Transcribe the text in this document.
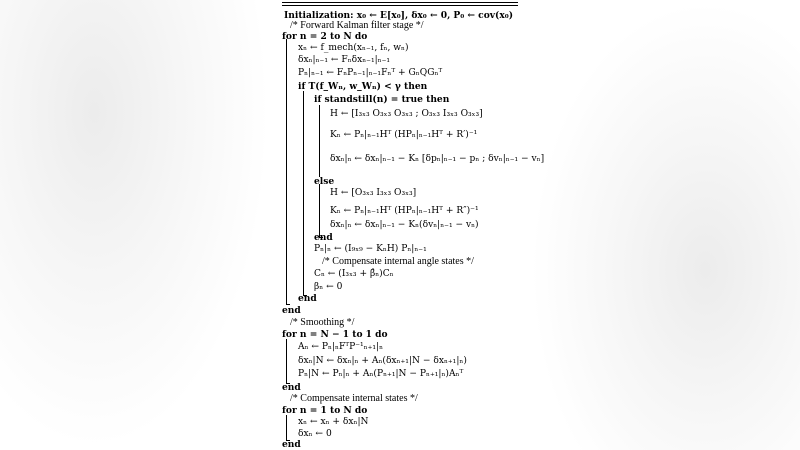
Initialization: x₀ ← E[x₀], δx₀ ← 0, P₀ ← cov(x₀)
/* Forward Kalman filter stage */
for n = 2 to N do
xₙ ← f_mech(xₙ₋₁, fₙ, wₙ)
δxₙ|ₙ₋₁ ← Fₙδxₙ₋₁|ₙ₋₁
Pₙ|ₙ₋₁ ← FₙPₙ₋₁|ₙ₋₁Fₙᵀ + GₙQGₙᵀ
if T(f_Wₙ, w_Wₙ) < γ then
if standstill(n) = true then
H ← [I₃ₓ₃ O₃ₓ₃ O₃ₓ₃ ; O₃ₓ₃ I₃ₓ₃ O₃ₓ₃]
Kₙ ← Pₙ|ₙ₋₁Hᵀ (HPₙ|ₙ₋₁Hᵀ + R′)⁻¹
δxₙ|ₙ ← δxₙ|ₙ₋₁ − Kₙ [δpₙ|ₙ₋₁ − pₙ ; δvₙ|ₙ₋₁ − vₙ]
else
H ← [O₃ₓ₃ I₃ₓ₃ O₃ₓ₃]
Kₙ ← Pₙ|ₙ₋₁Hᵀ (HPₙ|ₙ₋₁Hᵀ + R″)⁻¹
δxₙ|ₙ ← δxₙ|ₙ₋₁ − Kₙ(δvₙ|ₙ₋₁ − vₙ)
end
Pₙ|ₙ ← (I₉ₓ₉ − KₙH) Pₙ|ₙ₋₁
/* Compensate internal angle states */
Cₙ ← (I₃ₓ₃ + β̂ₙ)Cₙ
βₙ ← 0
end
end
/* Smoothing */
for n = N − 1 to 1 do
Aₙ ← Pₙ|ₙFᵀP⁻¹ₙ₊₁|ₙ
δxₙ|N ← δxₙ|ₙ + Aₙ(δxₙ₊₁|N − δxₙ₊₁|ₙ)
Pₙ|N ← Pₙ|ₙ + Aₙ(Pₙ₊₁|N − Pₙ₊₁|ₙ)Aₙᵀ
end
/* Compensate internal states */
for n = 1 to N do
xₙ ← xₙ + δxₙ|N
δxₙ ← 0
end
